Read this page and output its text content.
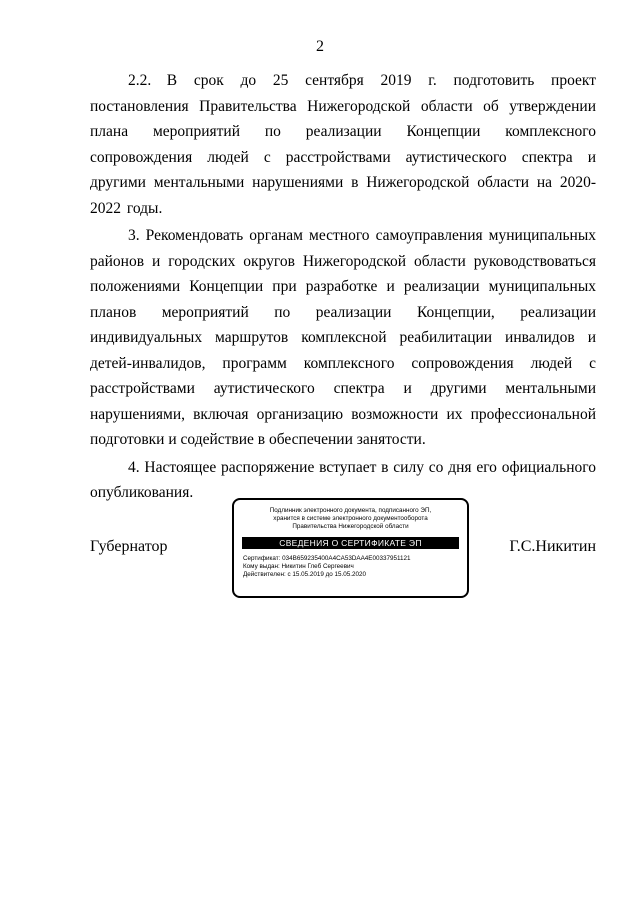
2

2.2. В срок до 25 сентября 2019 г. подготовить проект постановления Правительства Нижегородской области об утверждении плана мероприятий по реализации Концепции комплексного сопровождения людей с расстройствами аутистического спектра и другими ментальными нарушениями в Нижегородской области на 2020-2022 годы.

3. Рекомендовать органам местного самоуправления муниципальных районов и городских округов Нижегородской области руководствоваться положениями Концепции при разработке и реализации муниципальных планов мероприятий по реализации Концепции, реализации индивидуальных маршрутов комплексной реабилитации инвалидов и детей-инвалидов, программ комплексного сопровождения людей с расстройствами аутистического спектра и другими ментальными нарушениями, включая организацию возможности их профессиональной подготовки и содействие в обеспечении занятости.

4. Настоящее распоряжение вступает в силу со дня его официального опубликования.

Губернатор
Подлинник электронного документа, подписанного ЭП,
хранится в системе электронного документооборота
Правительства Нижегородской области
СВЕДЕНИЯ О СЕРТИФИКАТЕ ЭП
Сертификат: 034B659235400A4CA53DAA4E00337951121
Кому выдан: Никитин Глеб Сергеевич
Действителен: с 15.05.2019 до 15.05.2020
Г.С.Никитин
